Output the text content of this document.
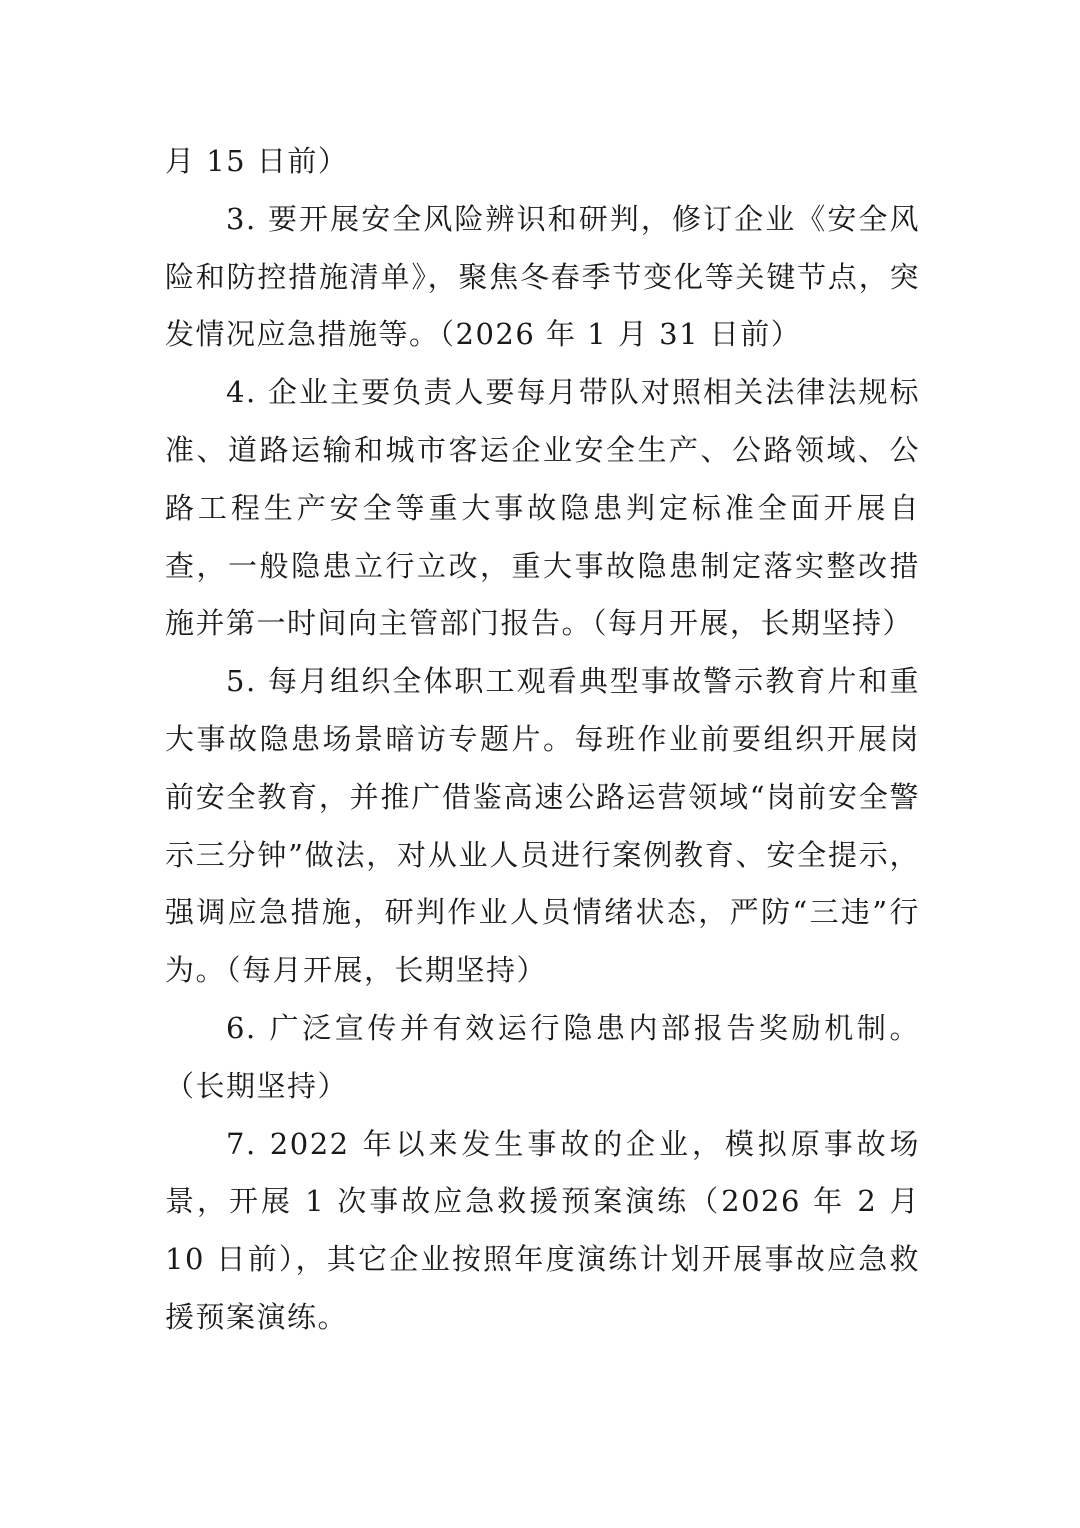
月 15 日前）

3. 要开展安全风险辨识和研判，修订企业《安全风险和防控措施清单》，聚焦冬春季节变化等关键节点，突发情况应急措施等。（2026 年 1 月 31 日前）

4. 企业主要负责人要每月带队对照相关法律法规标准、道路运输和城市客运企业安全生产、公路领域、公路工程生产安全等重大事故隐患判定标准全面开展自查，一般隐患立行立改，重大事故隐患制定落实整改措施并第一时间向主管部门报告。（每月开展，长期坚持）

5. 每月组织全体职工观看典型事故警示教育片和重大事故隐患场景暗访专题片。每班作业前要组织开展岗前安全教育，并推广借鉴高速公路运营领域“岗前安全警示三分钟”做法，对从业人员进行案例教育、安全提示，强调应急措施，研判作业人员情绪状态，严防“三违”行为。（每月开展，长期坚持）

6. 广泛宣传并有效运行隐患内部报告奖励机制。（长期坚持）

7. 2022 年以来发生事故的企业，模拟原事故场景，开展 1 次事故应急救援预案演练（2026 年 2 月 10 日前），其它企业按照年度演练计划开展事故应急救援预案演练。
